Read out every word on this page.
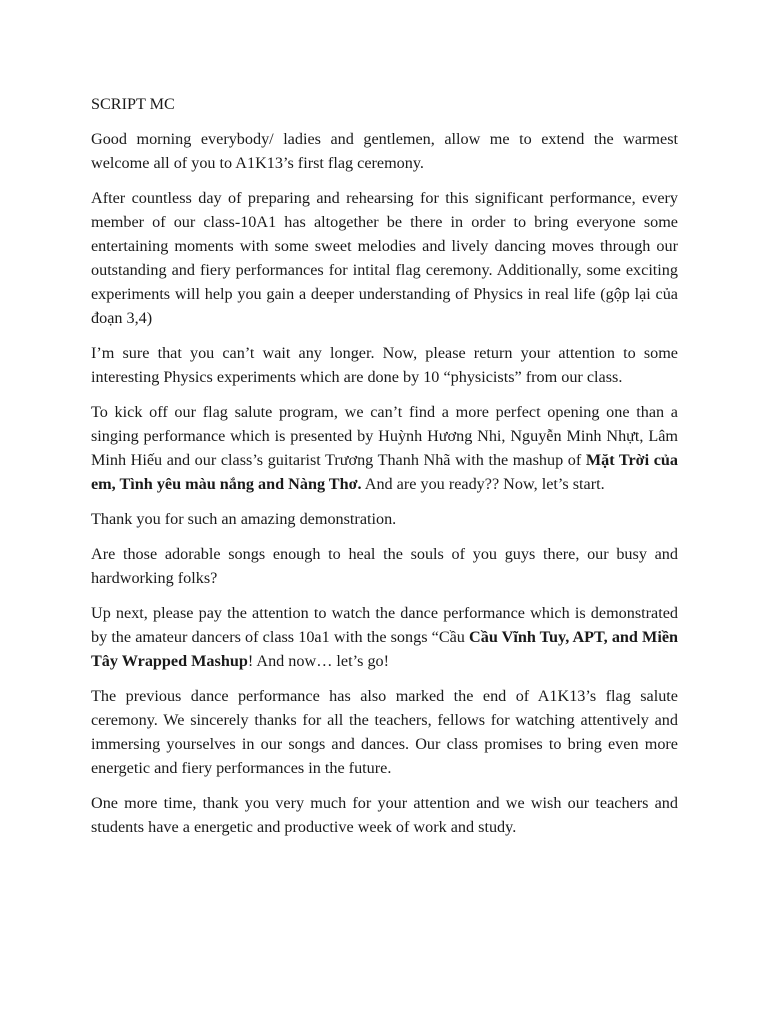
SCRIPT MC

Good morning everybody/ ladies and gentlemen, allow me to extend the warmest welcome all of you to A1K13’s first flag ceremony.

After countless day of preparing and rehearsing for this significant performance, every member of our class-10A1 has altogether be there in order to bring everyone some entertaining moments with some sweet melodies and lively dancing moves through our outstanding and fiery performances for intital flag ceremony. Additionally, some exciting experiments will help you gain a deeper understanding of Physics in real life (gộp lại của đoạn 3,4)

I’m sure that you can’t wait any longer. Now, please return your attention to some interesting Physics experiments which are done by 10 “physicists” from our class.

To kick off our flag salute program, we can’t find a more perfect opening one than a singing performance which is presented by Huỳnh Hương Nhi, Nguyễn Minh Nhựt, Lâm Minh Hiếu and our class’s guitarist Trương Thanh Nhã with the mashup of Mặt Trời của em, Tình yêu màu nắng and Nàng Thơ. And are you ready?? Now, let’s start.

Thank you for such an amazing demonstration.

Are those adorable songs enough to heal the souls of you guys there, our busy and hardworking folks?

Up next, please pay the attention to watch the dance performance which is demonstrated by the amateur dancers of class 10a1 with the songs “Cầu Cầu Vĩnh Tuy, APT, and Miền Tây Wrapped Mashup! And now… let’s go!

The previous dance performance has also marked the end of A1K13’s flag salute ceremony. We sincerely thanks for all the teachers, fellows for watching attentively and immersing yourselves in our songs and dances. Our class promises to bring even more energetic and fiery performances in the future.

One more time, thank you very much for your attention and we wish our teachers and students have a energetic and productive week of work and study.
